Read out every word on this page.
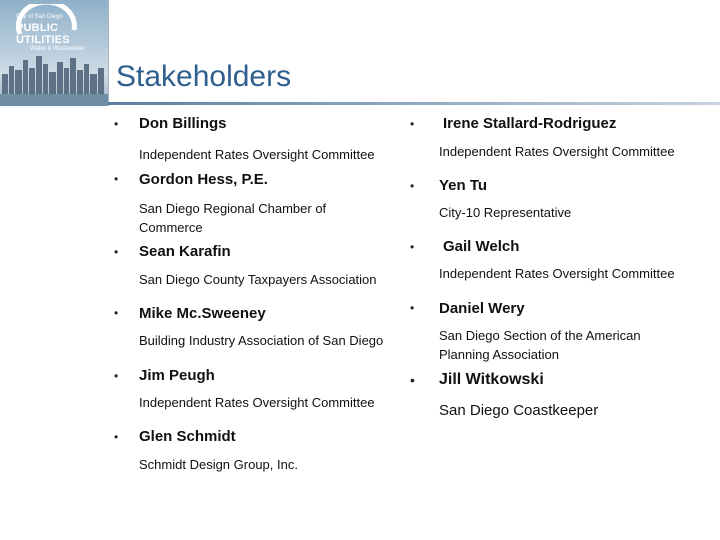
City of San Diego
PUBLIC UTILITIES
Water & Wastewater
Stakeholders
• Don Billings
Independent Rates Oversight Committee
• Gordon Hess, P.E.
San Diego Regional Chamber of Commerce
• Sean Karafin
San Diego County Taxpayers Association
• Mike Mc.Sweeney
Building Industry Association of San Diego
• Jim Peugh
Independent Rates Oversight Committee
• Glen Schmidt
Schmidt Design Group, Inc.
• Irene Stallard-Rodriguez
Independent Rates Oversight Committee
• Yen Tu
City-10 Representative
• Gail Welch
Independent Rates Oversight Committee
• Daniel Wery
San Diego Section of the American Planning Association
• Jill Witkowski
San Diego Coastkeeper
